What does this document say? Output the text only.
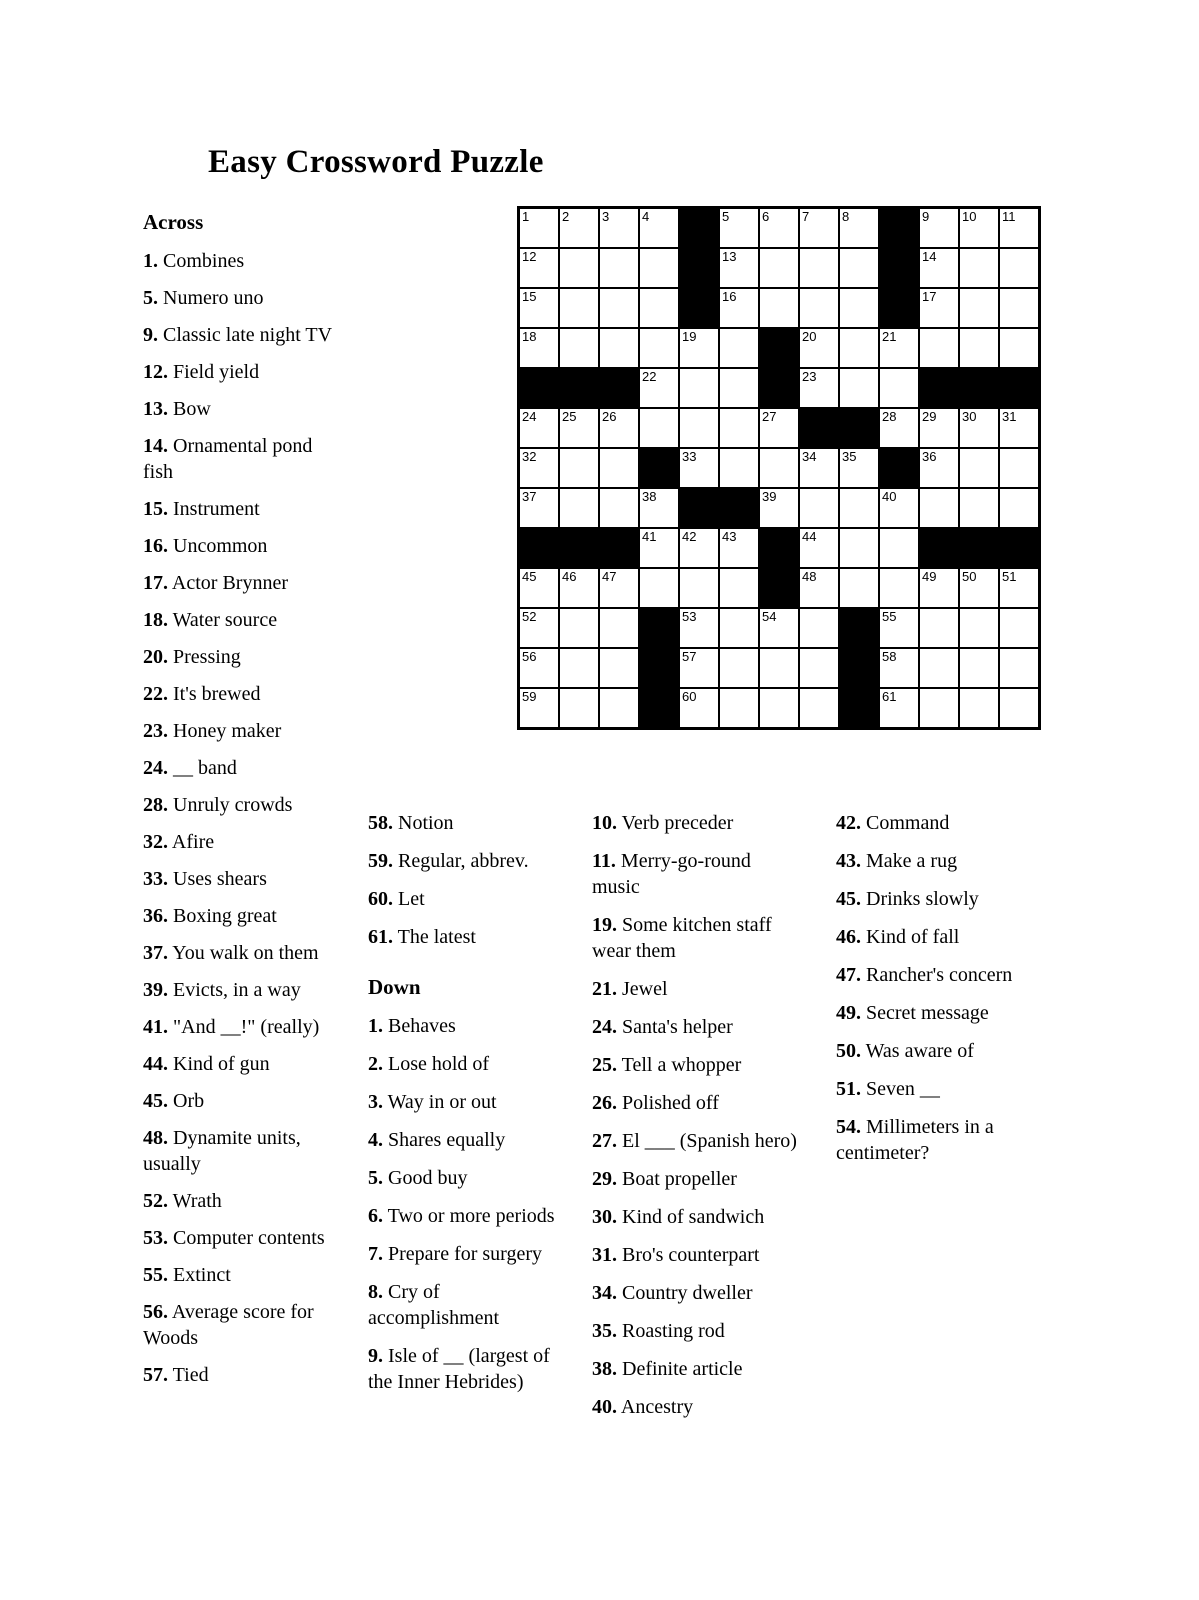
Easy Crossword Puzzle
1	2	3	4	5	6	7	8	9	10 11
12	13	14
15	16	17
18	19	20	21
22	23
24 25 26	27	28 29 30 31
32	33	34 35	36
37	38	39	40
41 42 43	44
45 46 47	48	49 50 51
52	53	54	55
56	57	58
59	60	61
Across

1. Combines

5. Numero uno

9. Classic late night TV

12. Field yield

13. Bow

14. Ornamental pond fish

15. Instrument

16. Uncommon

17. Actor Brynner

18. Water source

20. Pressing

22. It's brewed

23. Honey maker

24. __ band

28. Unruly crowds

32. Afire

33. Uses shears

36. Boxing great

37. You walk on them

39. Evicts, in a way

41. "And __!" (really)

44. Kind of gun

45. Orb

48. Dynamite units, usually

52. Wrath

53. Computer contents

55. Extinct

56. Average score for Woods

57. Tied

58. Notion

59. Regular, abbrev.

60. Let

61. The latest

Down

1. Behaves

2. Lose hold of

3. Way in or out

4. Shares equally

5. Good buy

6. Two or more periods

7. Prepare for surgery

8. Cry of accomplishment

9. Isle of __ (largest of the Inner Hebrides)

10. Verb preceder

11. Merry-go-round music

19. Some kitchen staff wear them

21. Jewel

24. Santa's helper

25. Tell a whopper

26. Polished off

27. El ___ (Spanish hero)

29. Boat propeller

30. Kind of sandwich

31. Bro's counterpart

34. Country dweller

35. Roasting rod

38. Definite article

40. Ancestry

42. Command

43. Make a rug

45. Drinks slowly

46. Kind of fall

47. Rancher's concern

49. Secret message

50. Was aware of

51. Seven __

54. Millimeters in a centimeter?
